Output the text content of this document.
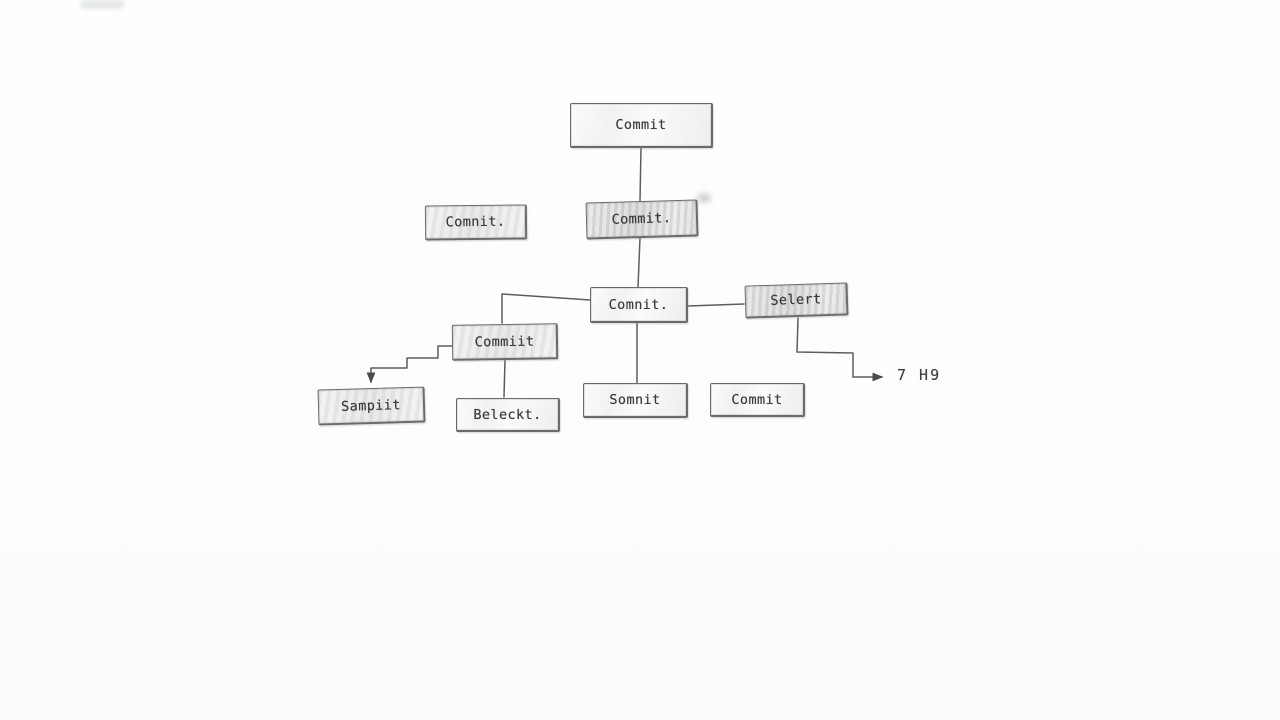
Commit
Comnit.	Commit.
Comnit.	Selert
Commiit
Sampiit
Beleckt.
Somnit	Commit
7 H9
